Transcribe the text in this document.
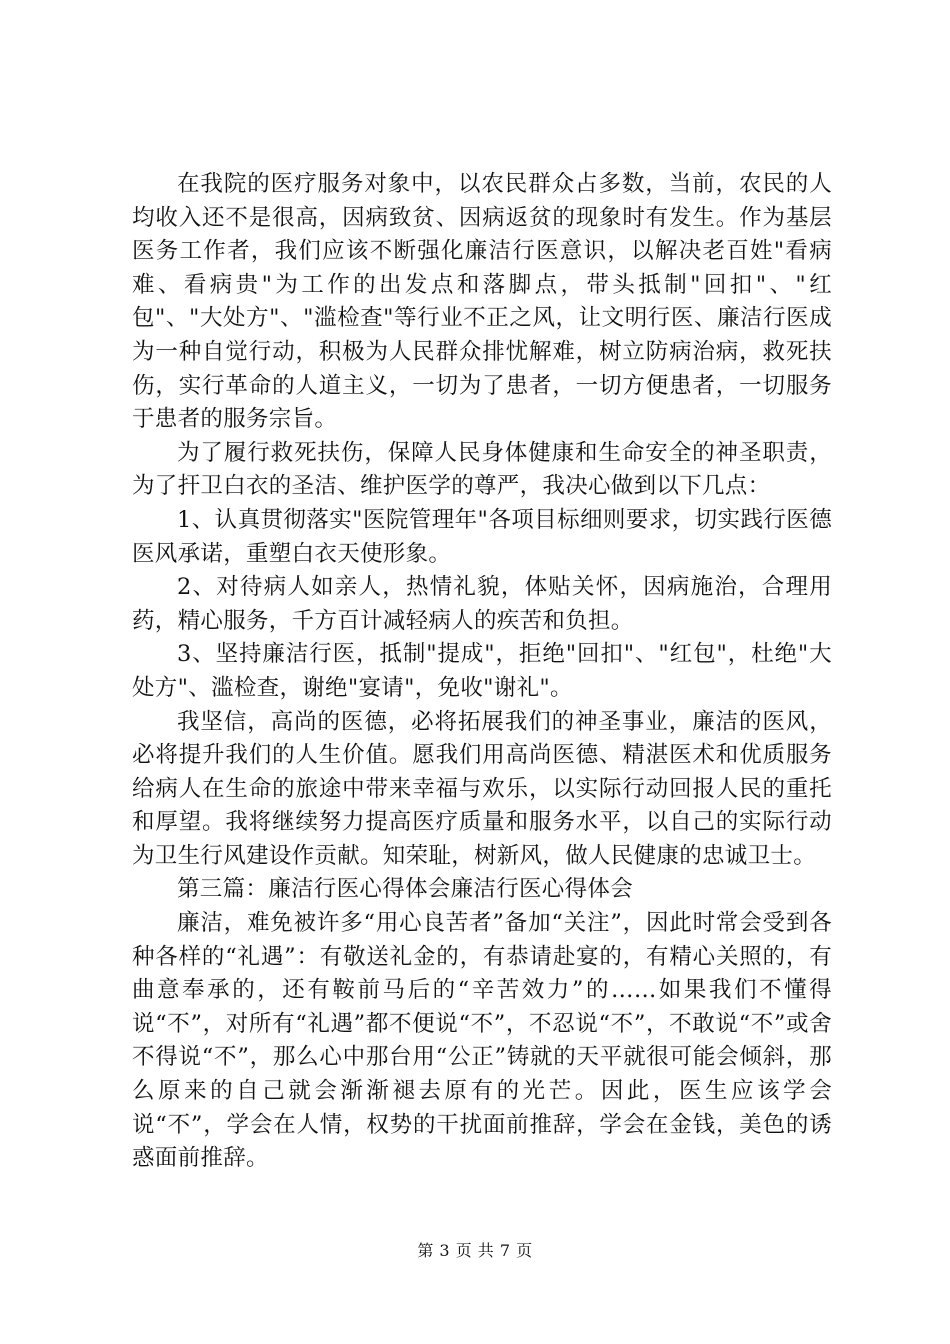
在我院的医疗服务对象中，以农民群众占多数，当前，农民的人均收入还不是很高，因病致贫、因病返贫的现象时有发生。作为基层医务工作者，我们应该不断强化廉洁行医意识，以解决老百姓"看病难、看病贵"为工作的出发点和落脚点，带头抵制"回扣"、"红包"、"大处方"、"滥检查"等行业不正之风，让文明行医、廉洁行医成为一种自觉行动，积极为人民群众排忧解难，树立防病治病，救死扶伤，实行革命的人道主义，一切为了患者，一切方便患者，一切服务于患者的服务宗旨。

为了履行救死扶伤，保障人民身体健康和生命安全的神圣职责，为了扞卫白衣的圣洁、维护医学的尊严，我决心做到以下几点：

1、认真贯彻落实"医院管理年"各项目标细则要求，切实践行医德医风承诺，重塑白衣天使形象。

2、对待病人如亲人，热情礼貌，体贴关怀，因病施治，合理用药，精心服务，千方百计减轻病人的疾苦和负担。

3、坚持廉洁行医，抵制"提成"，拒绝"回扣"、"红包"，杜绝"大处方"、滥检查，谢绝"宴请"，免收"谢礼"。

我坚信，高尚的医德，必将拓展我们的神圣事业，廉洁的医风，必将提升我们的人生价值。愿我们用高尚医德、精湛医术和优质服务给病人在生命的旅途中带来幸福与欢乐，以实际行动回报人民的重托和厚望。我将继续努力提高医疗质量和服务水平，以自己的实际行动为卫生行风建设作贡献。知荣耻，树新风，做人民健康的忠诚卫士。

第三篇：廉洁行医心得体会廉洁行医心得体会

廉洁，难免被许多“用心良苦者”备加“关注”，因此时常会受到各种各样的“礼遇”：有敬送礼金的，有恭请赴宴的，有精心关照的，有曲意奉承的，还有鞍前马后的“辛苦效力”的……如果我们不懂得说“不”，对所有“礼遇”都不便说“不”，不忍说“不”，不敢说“不”或舍不得说“不”，那么心中那台用“公正”铸就的天平就很可能会倾斜，那么原来的自己就会渐渐褪去原有的光芒。因此，医生应该学会说“不”，学会在人情，权势的干扰面前推辞，学会在金钱，美色的诱惑面前推辞。

第 3 页 共 7 页
